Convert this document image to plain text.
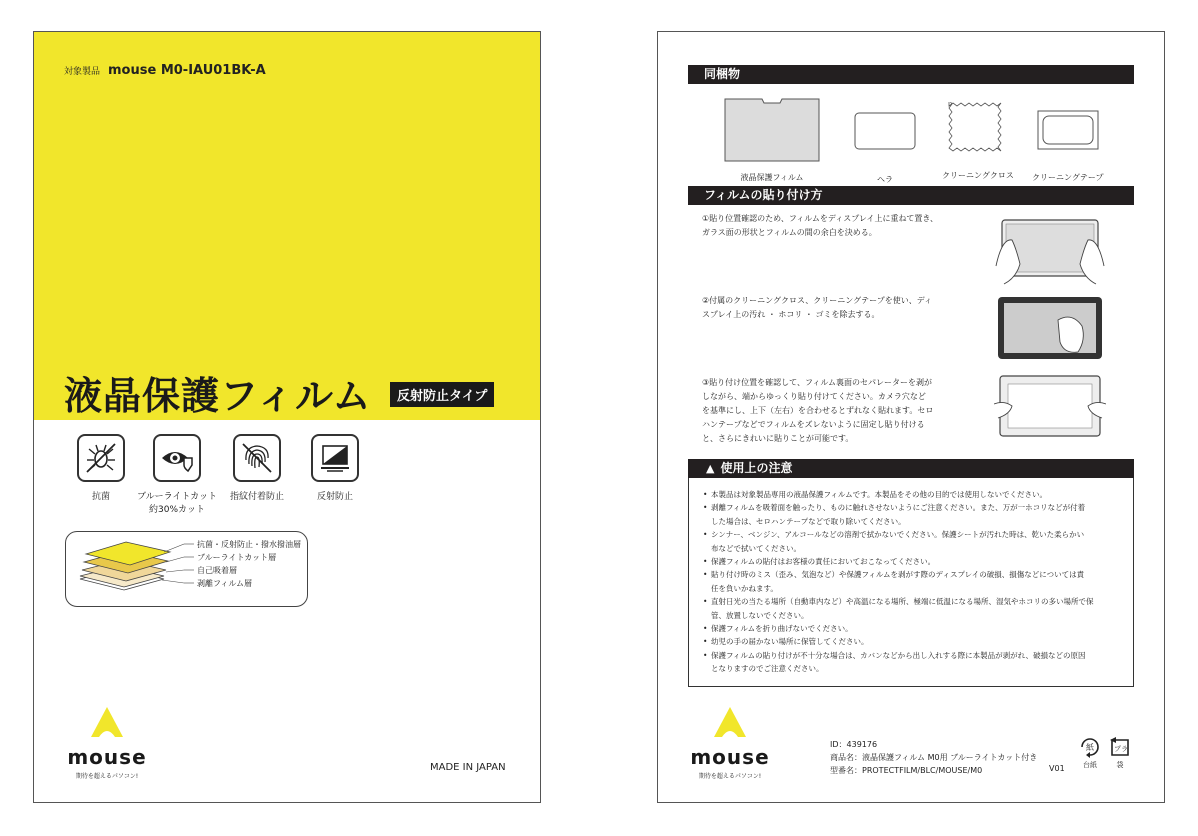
対象製品 mouse M0-IAU01BK-A
液晶保護フィルム	反射防止タイプ
抗菌	ブルーライトカット
約30%カット
指紋付着防止	反射防止
抗菌・反射防止・撥水撥油層
ブルーライトカット層
自己吸着層
剥離フィルム層
mouse
期待を超えるパソコン!
MADE IN JAPAN
同梱物
液晶保護フィルム	ヘラ	クリーニングクロス クリーニングテープ
フィルムの貼り付け方
①貼り位置確認のため、フィルムをディスプレイ上に重ねて置き、
ガラス面の形状とフィルムの間の余白を決める。
②付属のクリーニングクロス、クリーニングテープを使い、ディ
スプレイ上の汚れ ・ ホコリ ・ ゴミを除去する。
③貼り付け位置を確認して、フィルム裏面のセパレーターを剥が
しながら、端からゆっくり貼り付けてください。カメラ穴など
を基準にし、上下（左右）を合わせるとずれなく貼れます。セロ
ハンテープなどでフィルムをズレないように固定し貼り付ける
と、さらにきれいに貼りことが可能です。
▲ 使用上の注意
• 本製品は対象製品専用の液晶保護フィルムです。本製品をその他の目的では使用しないでください。
• 剥離フィルムを吸着面を触ったり、ものに触れさせないようにご注意ください。また、万が一ホコリなどが付着
した場合は、セロハンテープなどで取り除いてください。
• シンナー、ベンジン、アルコールなどの溶剤で拭かないでください。保護シートが汚れた時は、乾いた柔らかい
布などで拭いてください。
• 保護フィルムの貼付はお客様の責任においておこなってください。
• 貼り付け時のミス（歪み、気泡など）や保護フィルムを剥がす際のディスプレイの破損、損傷などについては責
任を負いかねます。
• 直射日光の当たる場所（自動車内など）や高温になる場所、極端に低温になる場所、湿気やホコリの多い場所で保
管、放置しないでください。
• 保護フィルムを折り曲げないでください。
• 幼児の手の届かない場所に保管してください。
• 保護フィルムの貼り付けが不十分な場合は、カバンなどから出し入れする際に本製品が剥がれ、破損などの原因
となりますのでご注意ください。
mouse
期待を超えるパソコン!
ID：439176
商品名：液晶保護フィルム M0用 ブルーライトカット付き
型番名：PROTECTFILM/BLC/MOUSE/M0	V01
紙
台紙
プラ
袋
